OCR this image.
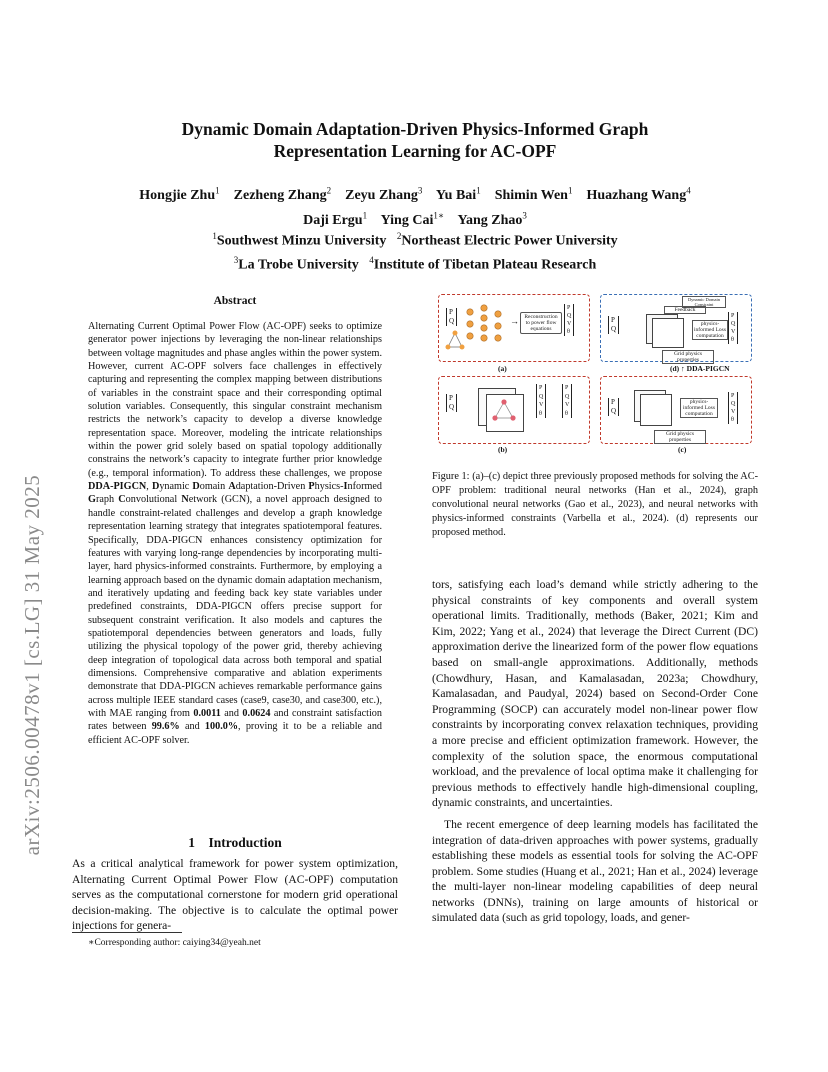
arXiv:2506.00478v1 [cs.LG] 31 May 2025
Dynamic Domain Adaptation-Driven Physics-Informed Graph
Representation Learning for AC-OPF
Hongjie Zhu$^1$ Zezheng Zhang$^2$ Zeyu Zhang$^3$ Yu Bai$^1$ Shimin Wen$^1$ Huazhang Wang$^4$
Daji Ergu$^1$ Ying Cai$^{1∗}$ Yang Zhao$^3$
$^1$Southwest Minzu University $^2$Northeast Electric Power University
$^3$La Trobe University $^4$Institute of Tibetan Plateau Research
Abstract
Alternating Current Optimal Power Flow (AC-OPF) seeks to optimize generator power injections by leveraging the non-linear relationships between voltage magnitudes and phase angles within the power system. However, current AC-OPF solvers face challenges in effectively capturing and representing the complex mapping between distributions of variables in the constraint space and their corresponding optimal solution variables. Consequently, this singular constraint mechanism restricts the network’s capacity to develop a diverse knowledge representation space. Moreover, modeling the intricate relationships within the power grid solely based on spatial topology additionally constrains the network’s capacity to integrate further prior knowledge (e.g., temporal information). To address these challenges, we propose DDA-PIGCN, Dynamic Domain Adaptation-Driven Physics-Informed Graph Convolutional Network (GCN), a novel approach designed to handle constraint-related challenges and develop a graph knowledge representation learning strategy that integrates spatiotemporal features. Specifically, DDA-PIGCN enhances consistency optimization for features with varying long-range dependencies by incorporating multi-layer, hard physics-informed constraints. Furthermore, by employing a learning approach based on the dynamic domain adaptation mechanism, and iteratively updating and feeding back key state variables under predefined constraints, DDA-PIGCN offers precise support for subsequent constraint verification. It also models and captures the spatiotemporal dependencies between generators and loads, fully utilizing the physical topology of the power grid, thereby achieving deep integration of topological data across both temporal and spatial dimensions. Comprehensive comparative and ablation experiments demonstrate that DDA-PIGCN achieves remarkable performance gains across multiple IEEE standard cases (case9, case30, and case300, etc.), with MAE ranging from 0.0011 and 0.0624 and constraint satisfaction rates between 99.6% and 100.0%, proving it to be a reliable and efficient AC-OPF solver.
1    Introduction
As a critical analytical framework for power system optimization, Alternating Current Optimal Power Flow (AC-OPF) computation serves as the computational cornerstone for modern grid operational decision-making. The objective is to calculate the optimal power injections for genera-
∗Corresponding author: caiying34@yeah.net
P
Q	→ Reconstruction to power flow equations
P
Q
V
θ
(a)
Dynamic Domain Constraint
Feedback
P
Q
physics-informed Loss computation
P
Q
V
θ
Grid physics properties
(d) ↑ DDA-PIGCN
P
Q
P
Q
V
θ
P
Q
V
θ
(b)
P
Q
physics-informed Loss computation
P
Q
V
θ
Grid physics properties
(c)
Figure 1: (a)–(c) depict three previously proposed methods for solving the AC-OPF problem: traditional neural networks (Han et al., 2024), graph convolutional neural networks (Gao et al., 2023), and neural networks with physics-informed constraints (Varbella et al., 2024). (d) represents our proposed method.

tors, satisfying each load’s demand while strictly adhering to the physical constraints of key components and overall system operational limits. Traditionally, methods (Baker, 2021; Kim and Kim, 2022; Yang et al., 2024) that leverage the Direct Current (DC) approximation derive the linearized form of the power flow equations based on small-angle approximations. Additionally, methods (Chowdhury, Hasan, and Kamalasadan, 2023a; Chowdhury, Kamalasadan, and Paudyal, 2024) based on Second-Order Cone Programming (SOCP) can accurately model non-linear power flow constraints by incorporating convex relaxation techniques, providing a more precise and efficient optimization framework. However, the complexity of the solution space, the enormous computational workload, and the prevalence of local optima make it challenging for previous methods to effectively handle high-dimensional coupling, dynamic constraints, and uncertainties.

The recent emergence of deep learning models has facilitated the integration of data-driven approaches with power systems, gradually establishing these models as essential tools for solving the AC-OPF problem. Some studies (Huang et al., 2021; Han et al., 2024) leverage the multi-layer non-linear modeling capabilities of deep neural networks (DNNs), training on large amounts of historical or simulated data (such as grid topology, loads, and gener-
